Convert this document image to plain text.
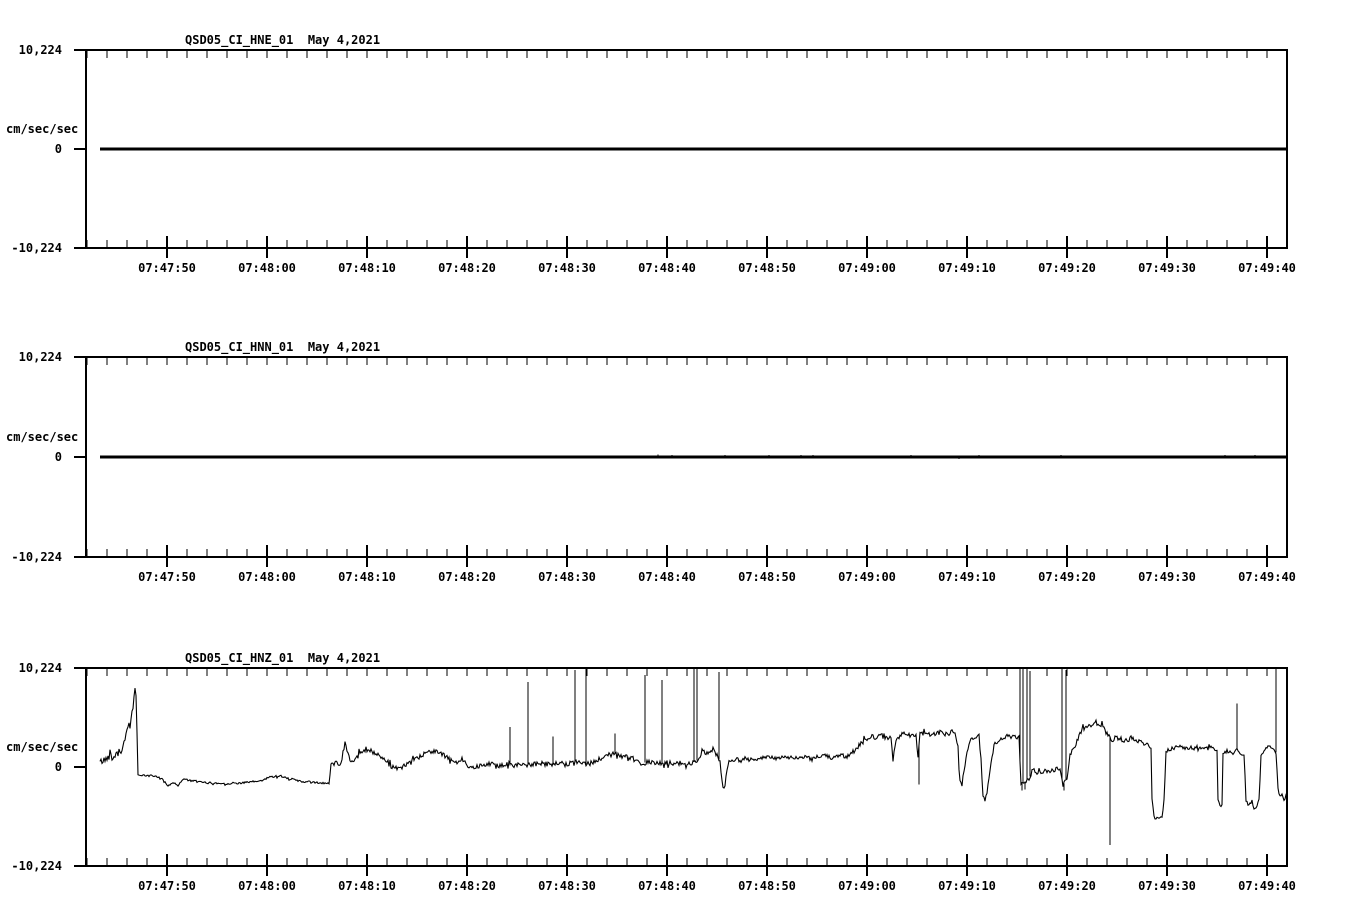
QSD05_CI_HNE_01  May 4,2021
10,224
cm/sec/sec
0
-10,224
QSD05_CI_HNN_01  May 4,2021
10,224
cm/sec/sec
0
-10,224
QSD05_CI_HNZ_01  May 4,2021
10,224
cm/sec/sec
0
-10,224
07:47:50	07:48:00	07:48:10	07:48:20	07:48:30	07:48:40	07:48:50	07:49:00	07:49:10	07:49:20	07:49:30	07:49:40
07:47:50	07:48:00	07:48:10	07:48:20	07:48:30	07:48:40	07:48:50	07:49:00	07:49:10	07:49:20	07:49:30	07:49:40
07:47:50	07:48:00	07:48:10	07:48:20	07:48:30	07:48:40	07:48:50	07:49:00	07:49:10	07:49:20	07:49:30	07:49:40
